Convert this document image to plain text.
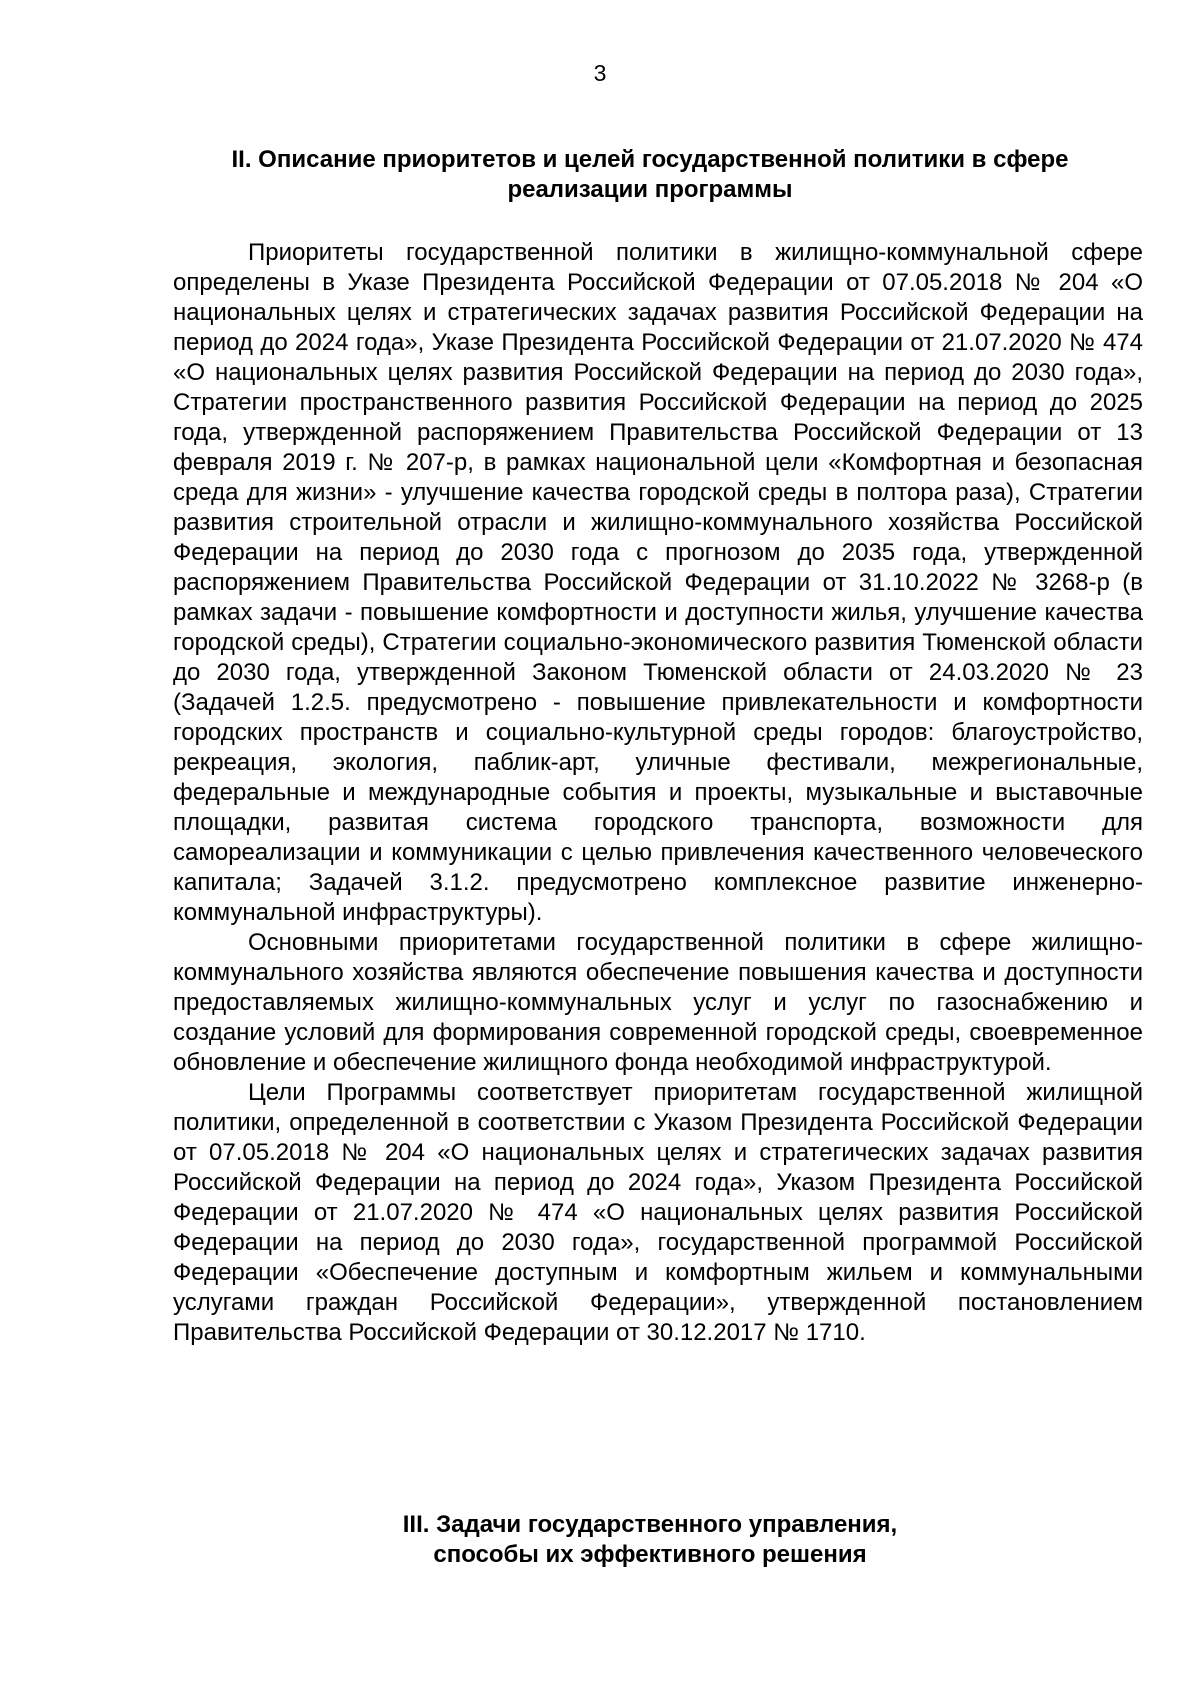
3
II. Описание приоритетов и целей государственной политики в сфере
реализации программы

Приоритеты государственной политики в жилищно-коммунальной сфере определены в Указе Президента Российской Федерации от 07.05.2018 № 204 «О национальных целях и стратегических задачах развития Российской Федерации на период до 2024 года», Указе Президента Российской Федерации от 21.07.2020 № 474 «О национальных целях развития Российской Федерации на период до 2030 года», Стратегии пространственного развития Российской Федерации на период до 2025 года, утвержденной распоряжением Правительства Российской Федерации от 13 февраля 2019 г. № 207-р, в рамках национальной цели «Комфортная и безопасная среда для жизни» - улучшение качества городской среды в полтора раза), Стратегии развития строительной отрасли и жилищно-коммунального хозяйства Российской Федерации на период до 2030 года с прогнозом до 2035 года, утвержденной распоряжением Правительства Российской Федерации от 31.10.2022 № 3268-р (в рамках задачи - повышение комфортности и доступности жилья, улучшение качества городской среды), Стратегии социально-экономического развития Тюменской области до 2030 года, утвержденной Законом Тюменской области от 24.03.2020 № 23 (Задачей 1.2.5. предусмотрено - повышение привлекательности и комфортности городских пространств и социально-культурной среды городов: благоустройство, рекреация, экология, паблик-арт, уличные фестивали, межрегиональные, федеральные и международные события и проекты, музыкальные и выставочные площадки, развитая система городского транспорта, возможности для самореализации и коммуникации с целью привлечения качественного человеческого капитала; Задачей 3.1.2. предусмотрено комплексное развитие инженерно-коммунальной инфраструктуры).

Основными приоритетами государственной политики в сфере жилищно-коммунального хозяйства являются обеспечение повышения качества и доступности предоставляемых жилищно-коммунальных услуг и услуг по газоснабжению и создание условий для формирования современной городской среды, своевременное обновление и обеспечение жилищного фонда необходимой инфраструктурой.

Цели Программы соответствует приоритетам государственной жилищной политики, определенной в соответствии с Указом Президента Российской Федерации от 07.05.2018 № 204 «О национальных целях и стратегических задачах развития Российской Федерации на период до 2024 года», Указом Президента Российской Федерации от 21.07.2020 № 474 «О национальных целях развития Российской Федерации на период до 2030 года», государственной программой Российской Федерации «Обеспечение доступным и комфортным жильем и коммунальными услугами граждан Российской Федерации», утвержденной постановлением Правительства Российской Федерации от 30.12.2017 № 1710.

III. Задачи государственного управления,
способы их эффективного решения
